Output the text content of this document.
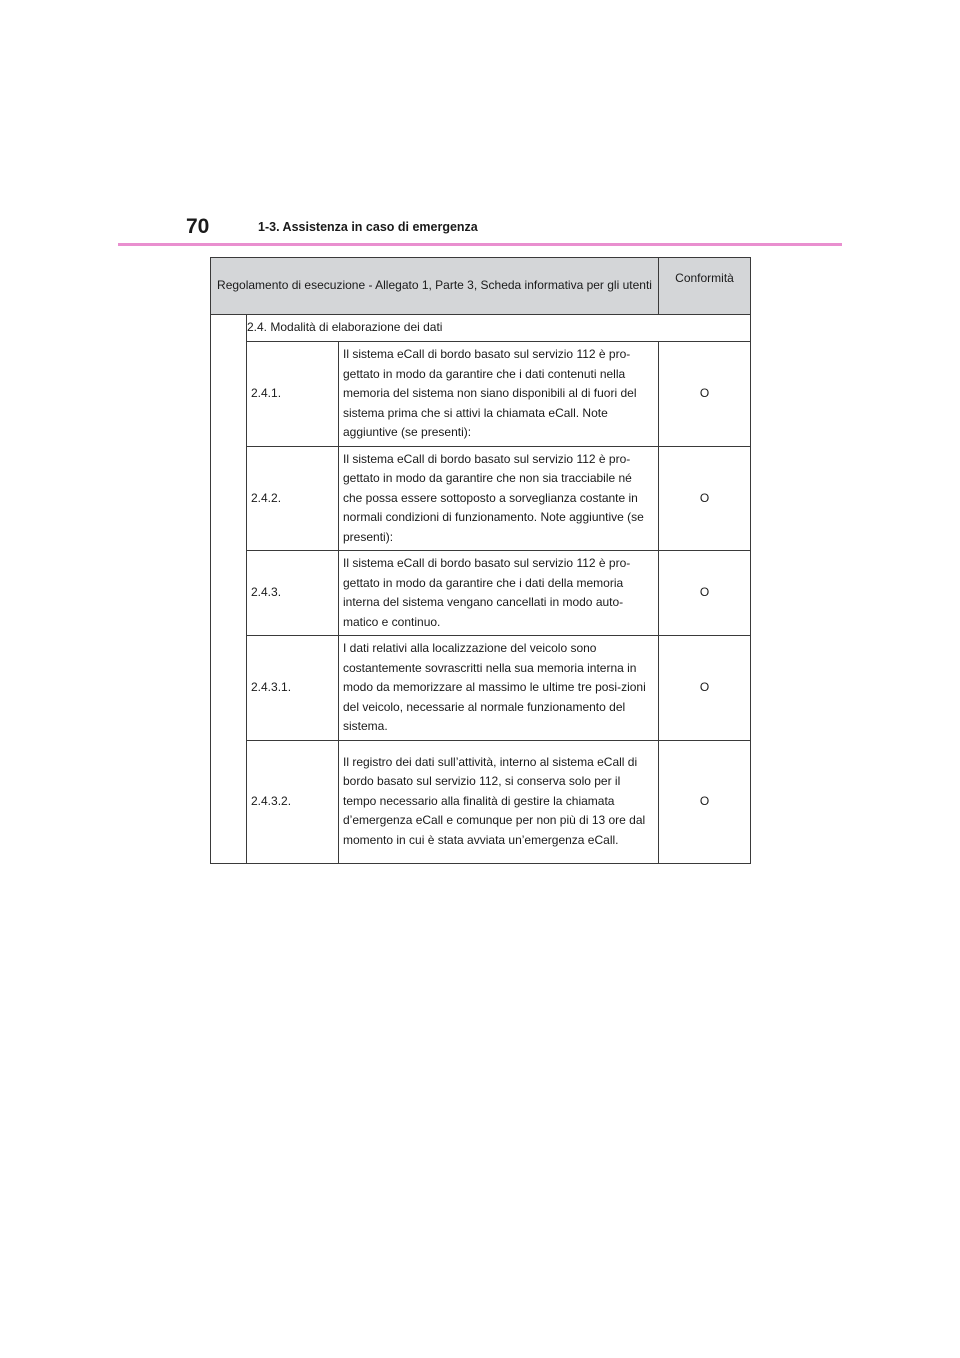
70	1-3. Assistenza in caso di emergenza
Regolamento di esecuzione - Allegato 1, Parte 3, Scheda informativa per gli utenti			Conformità
	2.4. Modalità di elaborazione dei dati		
	2.4.1.	Il sistema eCall di bordo basato sul servizio 112 è pro-gettato in modo da garantire che i dati contenuti nella memoria del sistema non siano disponibili al di fuori del sistema prima che si attivi la chiamata eCall. Note aggiuntive (se presenti):	O
	2.4.2.	Il sistema eCall di bordo basato sul servizio 112 è pro-gettato in modo da garantire che non sia tracciabile né che possa essere sottoposto a sorveglianza costante in normali condizioni di funzionamento. Note aggiuntive (se presenti):	O
	2.4.3.	Il sistema eCall di bordo basato sul servizio 112 è pro-gettato in modo da garantire che i dati della memoria interna del sistema vengano cancellati in modo auto-matico e continuo.	O
	2.4.3.1.	I dati relativi alla localizzazione del veicolo sono costantemente sovrascritti nella sua memoria interna in modo da memorizzare al massimo le ultime tre posi-zioni del veicolo, necessarie al normale funzionamento del sistema.	O
	2.4.3.2.	Il registro dei dati sull’attività, interno al sistema eCall di bordo basato sul servizio 112, si conserva solo per il tempo necessario alla finalità di gestire la chiamata d’emergenza eCall e comunque per non più di 13 ore dal momento in cui è stata avviata un’emergenza eCall.	O
